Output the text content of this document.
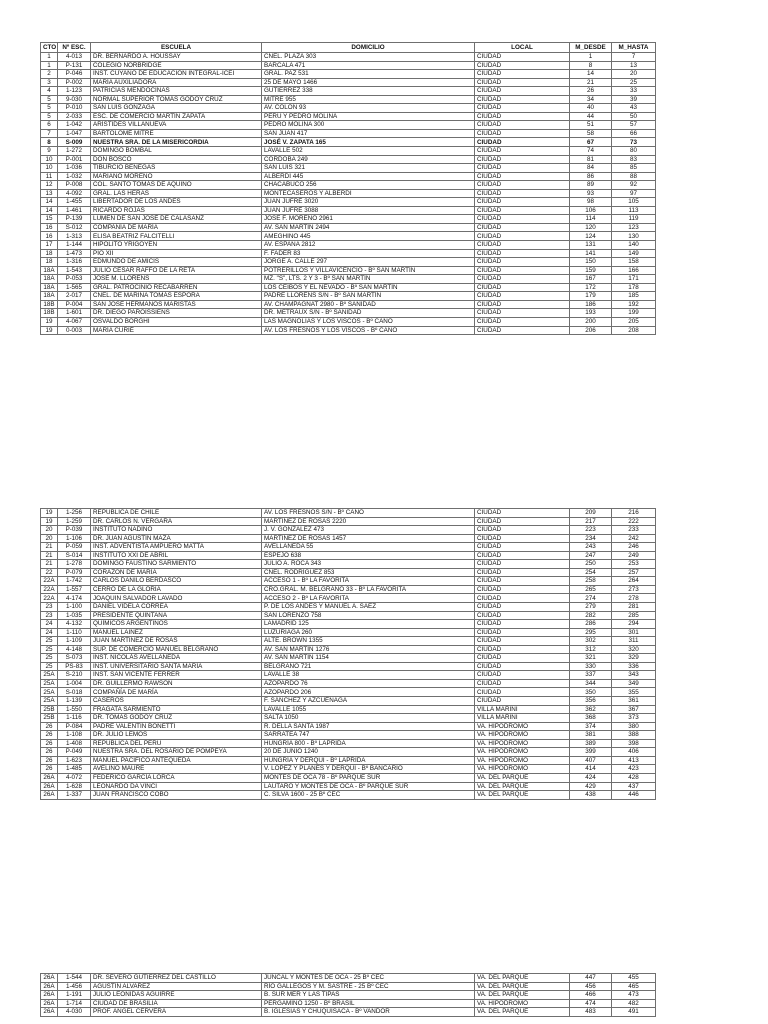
CTO	Nº ESC.	ESCUELA	DOMICILIO	LOCAL	M_DESDE	M_HASTA
1	4-013	DR. BERNARDO A. HOUSSAY	CNEL. PLAZA 303	CIUDAD	1	7
1	P-131	COLEGIO NORBRIDGE	BARCALA 471	CIUDAD	8	13
2	P-046	INST. CUYANO DE EDUCACIÓN INTEGRAL-ICEI	GRAL. PAZ 531	CIUDAD	14	20
3	P-002	MARÍA AUXILIADORA	25 DE MAYO 1466	CIUDAD	21	25
4	1-123	PATRICIAS MENDOCINAS	GUTIERREZ 338	CIUDAD	26	33
5	9-030	NORMAL SUPERIOR TOMÁS GODOY CRUZ	MITRE 955	CIUDAD	34	39
5	P-010	SAN LUIS GONZAGA	AV. COLÓN 93	CIUDAD	40	43
5	2-033	ESC. DE COMERCIO MARTÍN ZAPATA	PERÚ Y PEDRO MOLINA	CIUDAD	44	50
6	1-042	ARÍSTIDES VILLANUEVA	PEDRO MOLINA 300	CIUDAD	51	57
7	1-047	BARTOLOMÉ MITRE	SAN JUAN 417	CIUDAD	58	66
8	S-009	NUESTRA SRA. DE LA MISERICORDIA	JOSÉ V. ZAPATA 165	CIUDAD	67	73
9	1-272	DOMINGO BOMBAL	LAVALLE 502	CIUDAD	74	80
10	P-001	DON BOSCO	CÓRDOBA 249	CIUDAD	81	83
10	1-036	TIBURCIO BENEGAS	SAN LUIS 321	CIUDAD	84	85
11	1-032	MARIANO MORENO	ALBERDI 445	CIUDAD	86	88
12	P-008	COL. SANTO TOMÁS DE AQUINO	CHACABUCO 256	CIUDAD	89	92
13	4-092	GRAL. LAS HERAS	MONTECASEROS Y ALBERDI	CIUDAD	93	97
14	1-455	LIBERTADOR DE LOS ANDES	JUAN JUFRÉ 3020	CIUDAD	98	105
14	1-461	RICARDO ROJAS	JUAN JUFRÉ 3088	CIUDAD	106	113
15	P-139	LUMEN DE SAN JOSÉ DE CALASANZ	JOSE F. MORENO 2961	CIUDAD	114	119
16	S-012	COMPAÑÍA DE MARÍA	AV. SAN MARTÍN 2494	CIUDAD	120	123
16	1-313	ELISA BEATRIZ FALCITELLI	AMEGHINO 445	CIUDAD	124	130
17	1-144	HIPÓLITO YRIGOYEN	AV. ESPAÑA 2812	CIUDAD	131	140
18	1-473	PIO XII	F. FADER 83	CIUDAD	141	149
18	1-316	EDMUNDO DE AMICIS	JORGE A. CALLE 297	CIUDAD	150	158
18A	1-543	JULIO CÉSAR RAFFO DE LA RETA	POTRERILLOS Y VILLAVICENCIO - Bº SAN MARTÍN	CIUDAD	159	166
18A	P-053	JOSÉ M. LLORENS	MZ. "S", LTS. 2 Y 3 - Bº SAN MARTÍN	CIUDAD	167	171
18A	1-565	GRAL. PATROCINIO RECABARREN	LOS CEIBOS Y EL NEVADO - Bº SAN MARTÍN	CIUDAD	172	178
18A	2-017	CNEL. DE MARINA TOMÁS ESPORA	PADRE LLORENS S/N - Bº SAN MARTÍN	CIUDAD	179	185
18B	P-004	SAN JOSÉ HERMANOS MARISTAS	AV. CHAMPAGNAT 2980 - Bº SANIDAD	CIUDAD	186	192
18B	1-601	DR. DIEGO PAROISSIENS	DR. METRAUX S/N - Bº SANIDAD	CIUDAD	193	199
19	4-067	OSVALDO BORGHI	LAS MAGNOLIAS Y LOS VISCOS - Bº CANO	CIUDAD	200	205
19	0-003	MARÍA CURIÉ	AV. LOS FRESNOS Y LOS VISCOS - Bº CANO	CIUDAD	206	208
19	1-256	REPÚBLICA DE CHILE	AV. LOS FRESNOS S/N - Bº CANO	CIUDAD	209	216
19	1-259	DR. CARLOS N. VERGARA	MARTINEZ DE ROSAS 2220	CIUDAD	217	222
20	P-039	INSTITUTO NADINO	J. V. GONZALEZ 473	CIUDAD	223	233
20	1-106	DR. JUAN AGUSTÍN MAZA	MARTINEZ DE ROSAS 1457	CIUDAD	234	242
21	P-059	INST. ADVENTISTA AMPUERO MATTA	AVELLANEDA 55	CIUDAD	243	246
21	S-014	INSTITUTO XXI DE ABRIL	ESPEJO 638	CIUDAD	247	249
21	1-278	DOMINGO FAUSTINO SARMIENTO	JULIO A. ROCA 343	CIUDAD	250	253
22	P-079	CORAZÓN DE MARÍA	CNEL. RODRÍGUEZ 853	CIUDAD	254	257
22A	1-742	CARLOS DANILO BERDASCO	ACCESO 1 - Bº LA FAVORITA	CIUDAD	258	264
22A	1-557	CERRO DE LA GLORIA	CRO.GRAL. M. BELGRANO 33 - Bº LA FAVORITA	CIUDAD	265	273
22A	4-174	JOAQUIN SALVADOR LAVADO	ACCESO 2 - Bº LA FAVORITA	CIUDAD	274	278
23	1-100	DANIEL VIDELA CORREA	P. DE LOS ANDES Y MANUEL A. SAEZ	CIUDAD	279	281
23	1-035	PRESIDENTE QUINTANA	SAN LORENZO 758	CIUDAD	282	285
24	4-132	QUÍMICOS ARGENTINOS	LAMADRID 125	CIUDAD	286	294
24	1-110	MANUEL LAINEZ	LUZURIAGA 260	CIUDAD	295	301
25	1-109	JUAN MARTINEZ DE ROSAS	ALTE. BROWN 1355	CIUDAD	302	311
25	4-148	SUP. DE COMERCIO MANUEL BELGRANO	AV. SAN MARTÍN 1276	CIUDAD	312	320
25	S-073	INST. NICOLÁS AVELLANEDA	AV. SAN MARTÍN 1154	CIUDAD	321	329
25	PS-83	INST. UNIVERSITARIO SANTA MARÍA	BELGRANO 721	CIUDAD	330	336
25A	S-210	INST. SAN VICENTE FERRER	LAVALLE 38	CIUDAD	337	343
25A	1-004	DR. GUILLERMO RAWSON	AZOPARDO 76	CIUDAD	344	349
25A	S-018	COMPAÑÍA DE MARÍA	AZOPARDO 206	CIUDAD	350	355
25A	1-139	CASEROS	F. SÁNCHEZ Y AZCUÉNAGA	CIUDAD	356	361
25B	1-550	FRAGATA SARMIENTO	LAVALLE 1055	VILLA MARINI	362	367
25B	1-116	DR. TOMAS GODOY CRUZ	SALTA 1050	VILLA MARINI	368	373
26	P-084	PADRE VALENTIN BONETTI	R. DELLA SANTA 1987	VA. HIPÓDROMO	374	380
26	1-108	DR. JULIO LEMOS	SARRATEA 747	VA. HIPÓDROMO	381	388
26	1-408	REPÚBLICA DEL PERÚ	HUNGRÍA 800 - Bº LAPRIDA	VA. HIPÓDROMO	389	398
26	P-049	NUESTRA SRA. DEL ROSARIO DE POMPEYA	20 DE JUNIO 1240	VA. HIPÓDROMO	399	406
26	1-623	MANUEL PACIFICO ANTEQUEDA	HUNGRÍA Y DERQUI - Bº LAPRIDA	VA. HIPÓDROMO	407	413
26	1-485	AVELINO MAURE	V. LÓPEZ Y PLANES Y DERQUI - Bº BANCARIO	VA. HIPÓDROMO	414	423
26A	4-072	FEDERICO GARCÍA LORCA	MONTES DE OCA 78 - Bº PARQUE SUR	VA. DEL PARQUE	424	428
26A	1-628	LEONARDO DA VINCI	LAUTARO Y MONTES DE OCA - Bº PARQUE SUR	VA. DEL PARQUE	429	437
26A	1-337	JUAN FRANCISCO COBO	C. SILVA 1600 - 25 Bº CEC	VA. DEL PARQUE	438	446
26A	1-544	DR. SEVERO GUTIERREZ DEL CASTILLO	JUNCAL Y MONTES DE OCA - 25 Bº CEC	VA. DEL PARQUE	447	455
26A	1-456	AGUSTIN ALVAREZ	RÍO GALLEGOS Y M. SASTRE - 25 Bº CEC	VA. DEL PARQUE	456	465
26A	1-191	JULIO LEÓNIDAS AGUIRRE	B. SUR MER Y LAS TIPAS	VA. DEL PARQUE	466	473
26A	1-714	CIUDAD DE BRASILIA	PERGAMINO 1250 - Bº BRASIL	VA. HIPÓDROMO	474	482
26A	4-030	PROF. ANGEL CERVERA	B. IGLESIAS Y CHUQUISACA - Bº VANDOR	VA. DEL PARQUE	483	491
